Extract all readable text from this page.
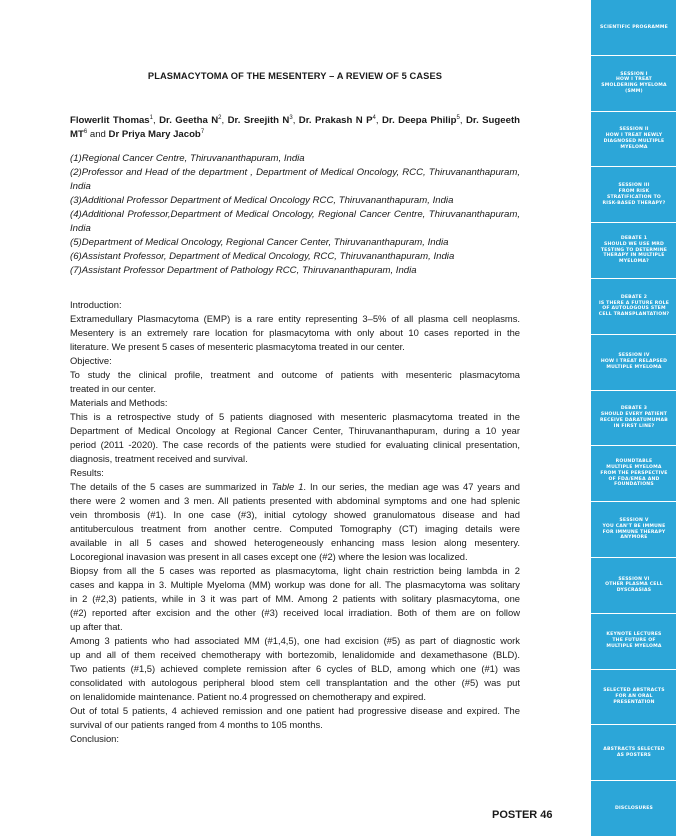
PLASMACYTOMA OF THE MESENTERY – A REVIEW OF 5 CASES
Flowerlit Thomas$^1$, Dr. Geetha $N^2$, Dr. Sreejith $N^3$, Dr. Prakash N $P^4$, Dr. Deepa Philip$^5$, Dr. Sugeeth $MT^6$ and Dr Priya Mary Jacob$^7$
(1)Regional Cancer Centre, Thiruvananthapuram, India
(2)Professor and Head of the department , Department of Medical Oncology, RCC, Thiruvananthapuram, India
(3)Additional Professor Department of Medical Oncology RCC, Thiruvananthapuram, India
(4)Additional Professor,Department of Medical Oncology, Regional Cancer Centre, Thiruvananthapuram, India
(5)Department of Medical Oncology, Regional Cancer Center, Thiruvananthapuram, India
(6)Assistant Professor, Department of Medical Oncology, RCC, Thiruvananthapuram, India
(7)Assistant Professor Department of Pathology RCC, Thiruvananthapuram, India
Introduction:
Extramedullary Plasmacytoma (EMP) is a rare entity representing 3–5% of all plasma cell neoplasms.
Mesentery is an extremely rare location for plasmacytoma with only about 10 cases reported in the
literature. We present 5 cases of mesenteric plasmacytoma treated in our center.
Objective:
To study the clinical profile, treatment and outcome of patients with mesenteric plasmacytoma
treated in our center.
Materials and Methods:
This is a retrospective study of 5 patients diagnosed with mesenteric plasmacytoma treated in the
Department of Medical Oncology at Regional Cancer Center, Thiruvananthapuram, during a 10 year
period (2011 -2020). The case records of the patients were studied for evaluating clinical presentation,
diagnosis, treatment received and survival.
Results:
The details of the 5 cases are summarized in Table 1. In our series, the median age was 47 years and
there were 2 women and 3 men. All patients presented with abdominal symptoms and one had splenic
vein thrombosis (#1). In one case (#3), initial cytology showed granulomatous disease and had
antituberculous treatment from another centre. Computed Tomography (CT) imaging details were
available in all 5 cases and showed heterogeneously enhancing mass lesion along mesentery.
Locoregional inavasion was present in all cases except one (#2) where the lesion was localized.
Biopsy from all the 5 cases was reported as plasmacytoma, light chain restriction being lambda in 2
cases and kappa in 3. Multiple Myeloma (MM) workup was done for all. The plasmacytoma was solitary
in 2 (#2,3) patients, while in 3 it was part of MM. Among 2 patients with solitary plasmacytoma, one
(#2) reported after excision and the other (#3) received local irradiation. Both of them are on follow
up after that.
Among 3 patients who had associated MM (#1,4,5), one had excision (#5) as part of diagnostic work
up and all of them received chemotherapy with bortezomib, lenalidomide and dexamethasone (BLD).
Two patients (#1,5) achieved complete remission after 6 cycles of BLD, among which one (#1) was
consolidated with autologous peripheral blood stem cell transplantation and the other (#5) was put
on lenalidomide maintenance. Patient no.4 progressed on chemotherapy and expired.
Out of total 5 patients, 4 achieved remission and one patient had progressive disease and expired. The
survival of our patients ranged from 4 months to 105 months.
Conclusion:
POSTER 46
SCIENTIFIC PROGRAMME
SESSION I
HOW I TREAT
SMOLDERING MYELOMA
(SMM)
SESSION II
HOW I TREAT NEWLY
DIAGNOSED MULTIPLE
MYELOMA
SESSION III
FROM RISK
STRATIFICATION TO
RISK-BASED THERAPY?
DEBATE 1
SHOULD WE USE MRD
TESTING TO DETERMINE
THERAPY IN MULTIPLE
MYELOMA?
DEBATE 2
IS THERE A FUTURE ROLE
OF AUTOLOGOUS STEM
CELL TRANSPLANTATION?
SESSION IV
HOW I TREAT RELAPSED
MULTIPLE MYELOMA
DEBATE 3
SHOULD EVERY PATIENT
RECEIVE DARATUMUMAB
IN FIRST LINE?
ROUNDTABLE
MULTIPLE MYELOMA
FROM THE PERSPECTIVE
OF FDA/EMEA AND
FOUNDATIONS
SESSION V
YOU CAN'T BE IMMUNE
FOR IMMUNE THERAPY
ANYMORE
SESSION VI
OTHER PLASMA CELL
DYSCRASIAS
KEYNOTE LECTURES
THE FUTURE OF
MULTIPLE MYELOMA
SELECTED ABSTRACTS
FOR AN ORAL
PRESENTATION
ABSTRACTS SELECTED
AS POSTERS
DISCLOSURES
